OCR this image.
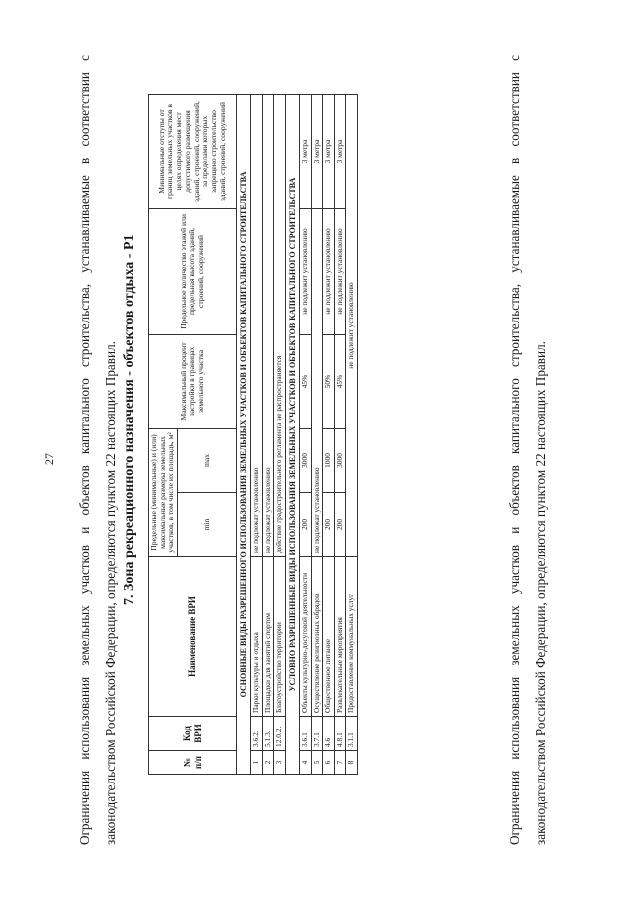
27	Ограничения использования земельных участков и объектов капитального строительства, устанавливаемые в соответствии с законодательством Российской Федерации, определяются пунктом 22 настоящих Правил. 7. Зона рекреационного назначения - объектов отдыха - Р1
№ п/п	Код ВРИ	Наименование ВРИ	Предельные (минимальные) и (или) максимальные размеры земельных участков, в том числе их площадь, м²		Максимальный процент застройки в границах земельного участка	Предельное количество этажей или предельная высота зданий, строений, сооружений	Минимальные отступы от границ земельных участков в целях определения мест допустимого размещения зданий, строений, сооружений, за пределами которых запрещено строительство зданий, строений, сооружений
			min	max			
ОСНОВНЫЕ ВИДЫ РАЗРЕШЕННОГО ИСПОЛЬЗОВАНИЯ ЗЕМЕЛЬНЫХ УЧАСТКОВ И ОБЪЕКТОВ КАПИТАЛЬНОГО СТРОИТЕЛЬСТВА							
1	3.6.2.	Парки культуры и отдыха	не подлежат установлению				
2	5.1.3.	Площадки для занятий спортом	не подлежат установлению				
3	12.0.2.	Благоустройство территории	действие градостроительного регламента не распространяется				
УСЛОВНО РАЗРЕШЕННЫЕ ВИДЫ ИСПОЛЬЗОВАНИЯ ЗЕМЕЛЬНЫХ УЧАСТКОВ И ОБЪЕКТОВ КАПИТАЛЬНОГО СТРОИТЕЛЬСТВА							
4	3.6.1	Объекты культурно-досуговой деятельности	200	3000	45%	не подлежит установлению	3 метра
5	3.7.1	Осуществление религиозных обрядов	не подлежат установлению				3 метра
6	4.6	Общественное питание	200	1000	50%	не подлежит установлению	3 метра
7	4.8.1	Развлекательные мероприятия	200	3000	45%	не подлежит установлению	3 метра
8	3.1.1	Предоставление коммунальных услуг	не подлежит установлению					Ограничения использования земельных участков и объектов капитального строительства, устанавливаемые в соответствии с законодательством Российской Федерации, определяются пунктом 22 настоящих Правил.
